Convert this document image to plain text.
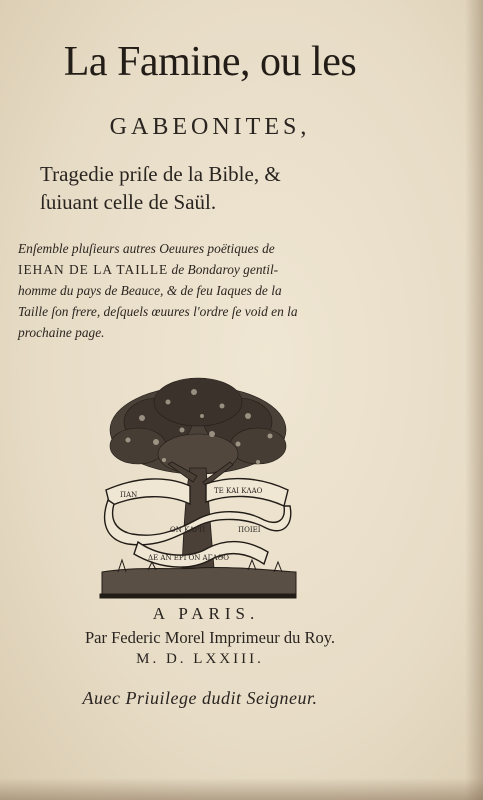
La Famine, ou les
GABEONITES,
Tragedie priſe de la Bible, &
ſuiuant celle de Saül.
Enſemble pluſieurs autres Oeuures poëtiques de
IEHAN DE LA TAILLE de Bondaroy gentil-
homme du pays de Beauce, & de feu Iaques de la
Taille ſon frere, deſquels œuures l'ordre ſe void en la
prochaine page.
ΠΑΝ	ΤΕ ΚΑΙ ΚΛΑΟ
ΠΟΙΕΙ
ΔΕ ΑΝ ΕΡΓΟΝ ΑΓΑΘΟ
ON ΚΑΡΠ
A PARIS.
Par Federic Morel Imprimeur du Roy.
M. D. LXXIII.
Auec Priuilege dudit Seigneur.
